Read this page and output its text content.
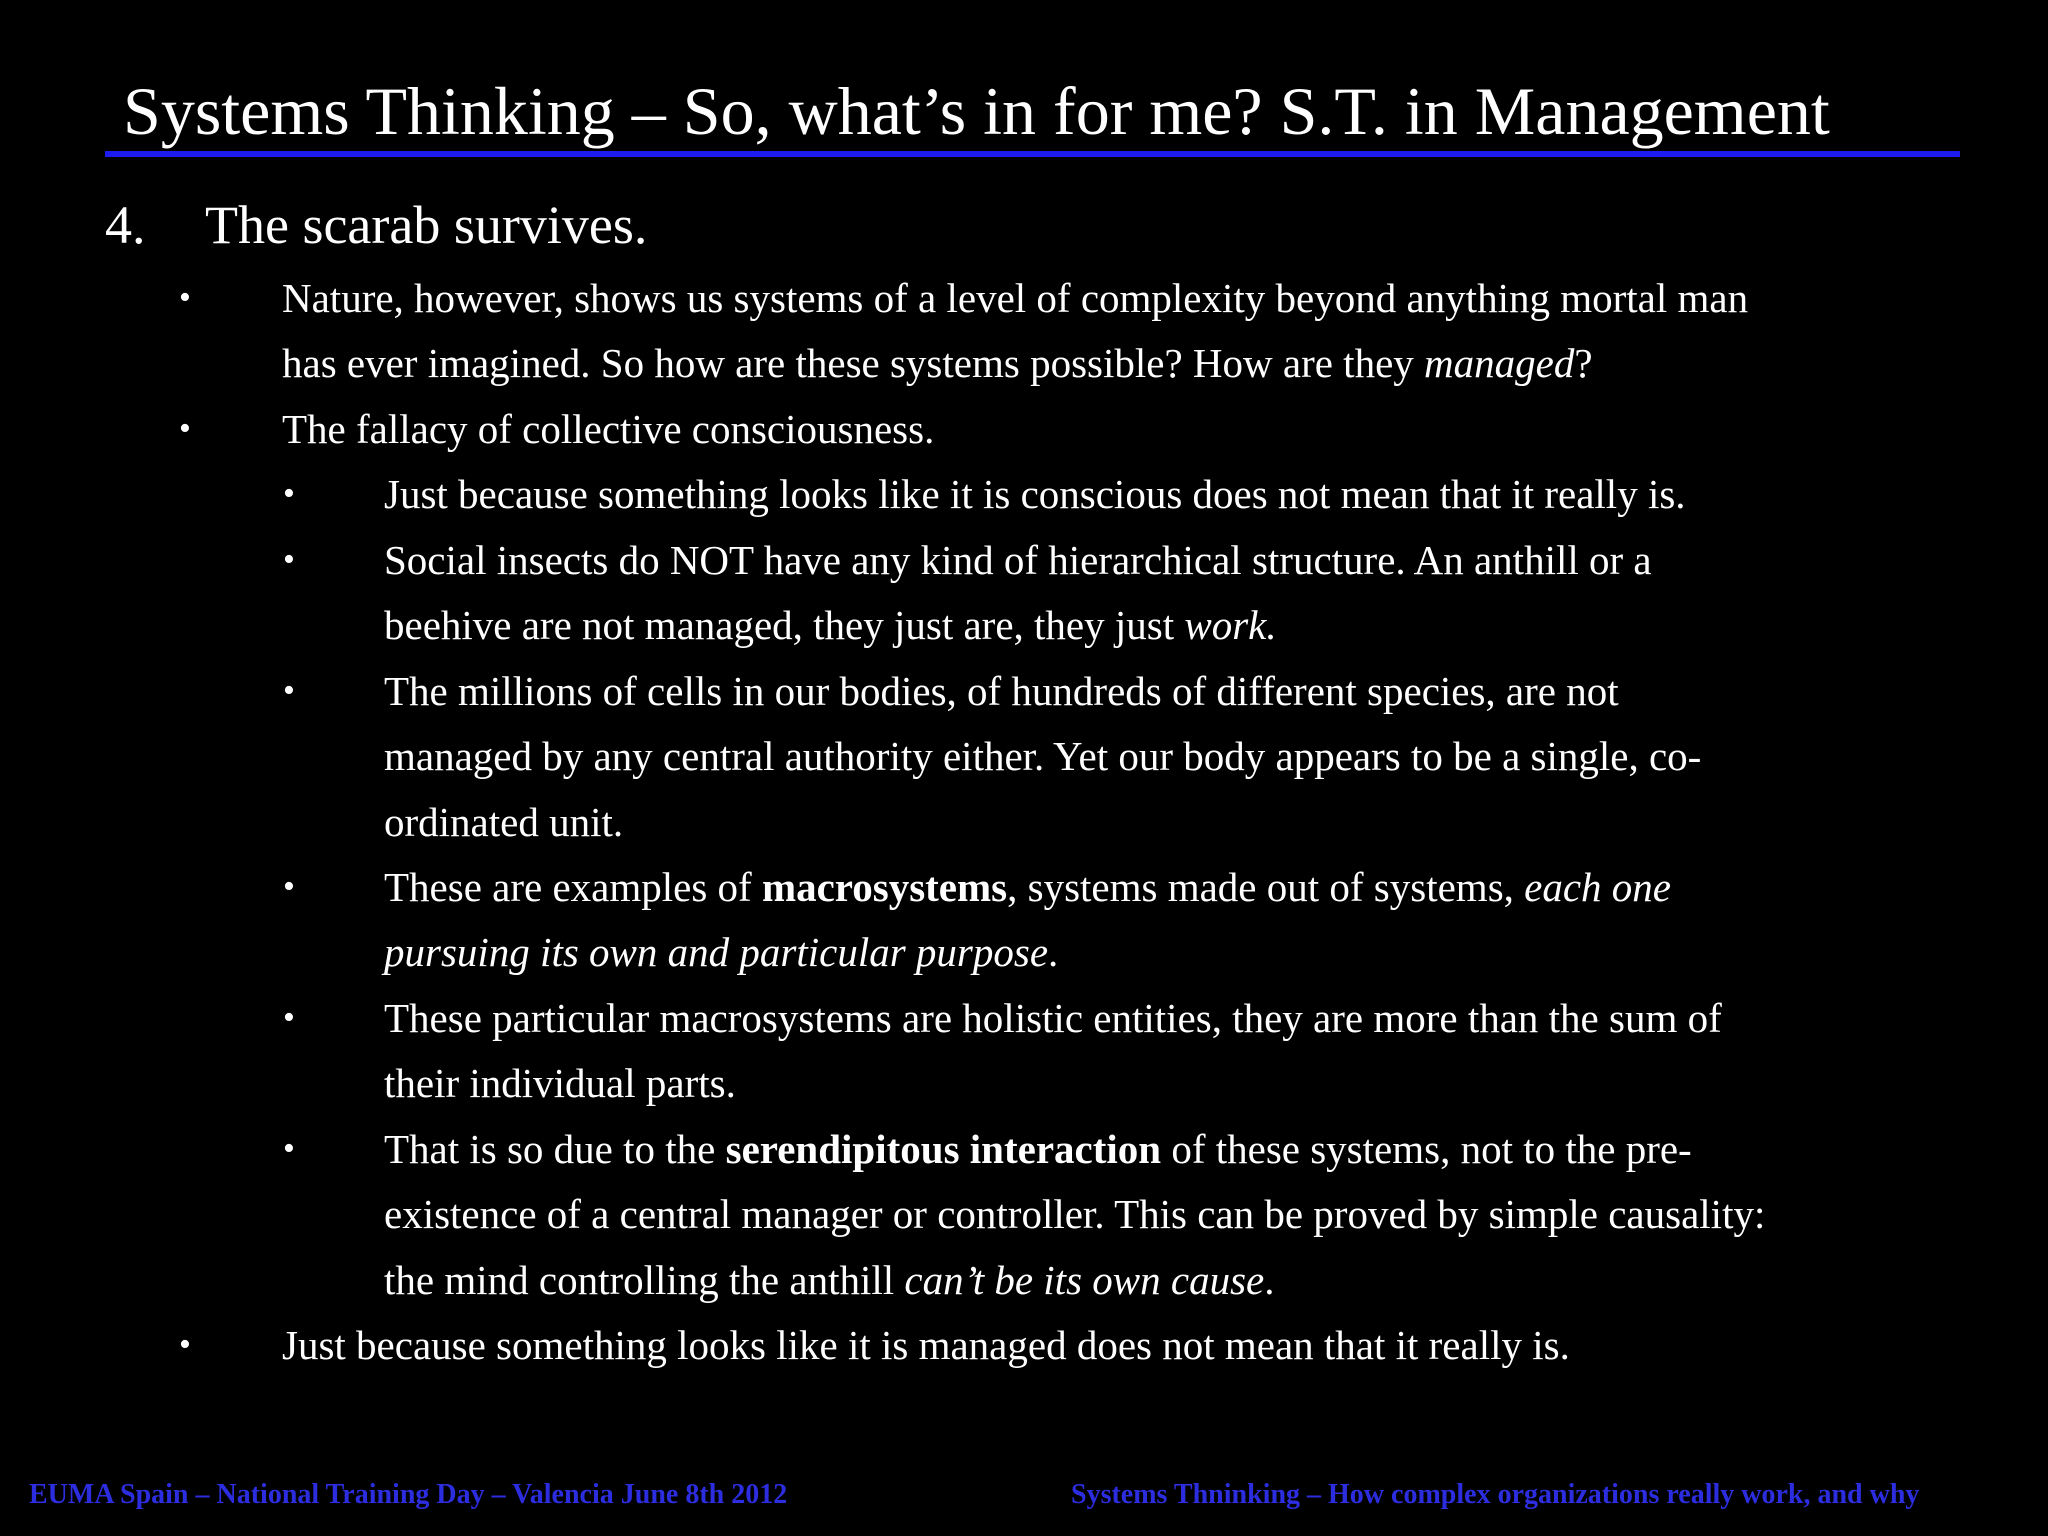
Systems Thinking – So, what’s in for me? S.T. in Management
4. The scarab survives.
• Nature, however, shows us systems of a level of complexity beyond anything mortal man
has ever imagined. So how are these systems possible? How are they managed?
• The fallacy of collective consciousness.
• Just because something looks like it is conscious does not mean that it really is.
• Social insects do NOT have any kind of hierarchical structure. An anthill or a
beehive are not managed, they just are, they just work.
• The millions of cells in our bodies, of hundreds of different species, are not
managed by any central authority either. Yet our body appears to be a single, co-
ordinated unit.
• These are examples of macrosystems, systems made out of systems, each one
pursuing its own and particular purpose.
• These particular macrosystems are holistic entities, they are more than the sum of
their individual parts.
• That is so due to the serendipitous interaction of these systems, not to the pre-
existence of a central manager or controller. This can be proved by simple causality:
the mind controlling the anthill can’t be its own cause.
• Just because something looks like it is managed does not mean that it really is.
EUMA Spain – National Training Day – Valencia June 8th 2012	Systems Thninking – How complex organizations really work, and why
